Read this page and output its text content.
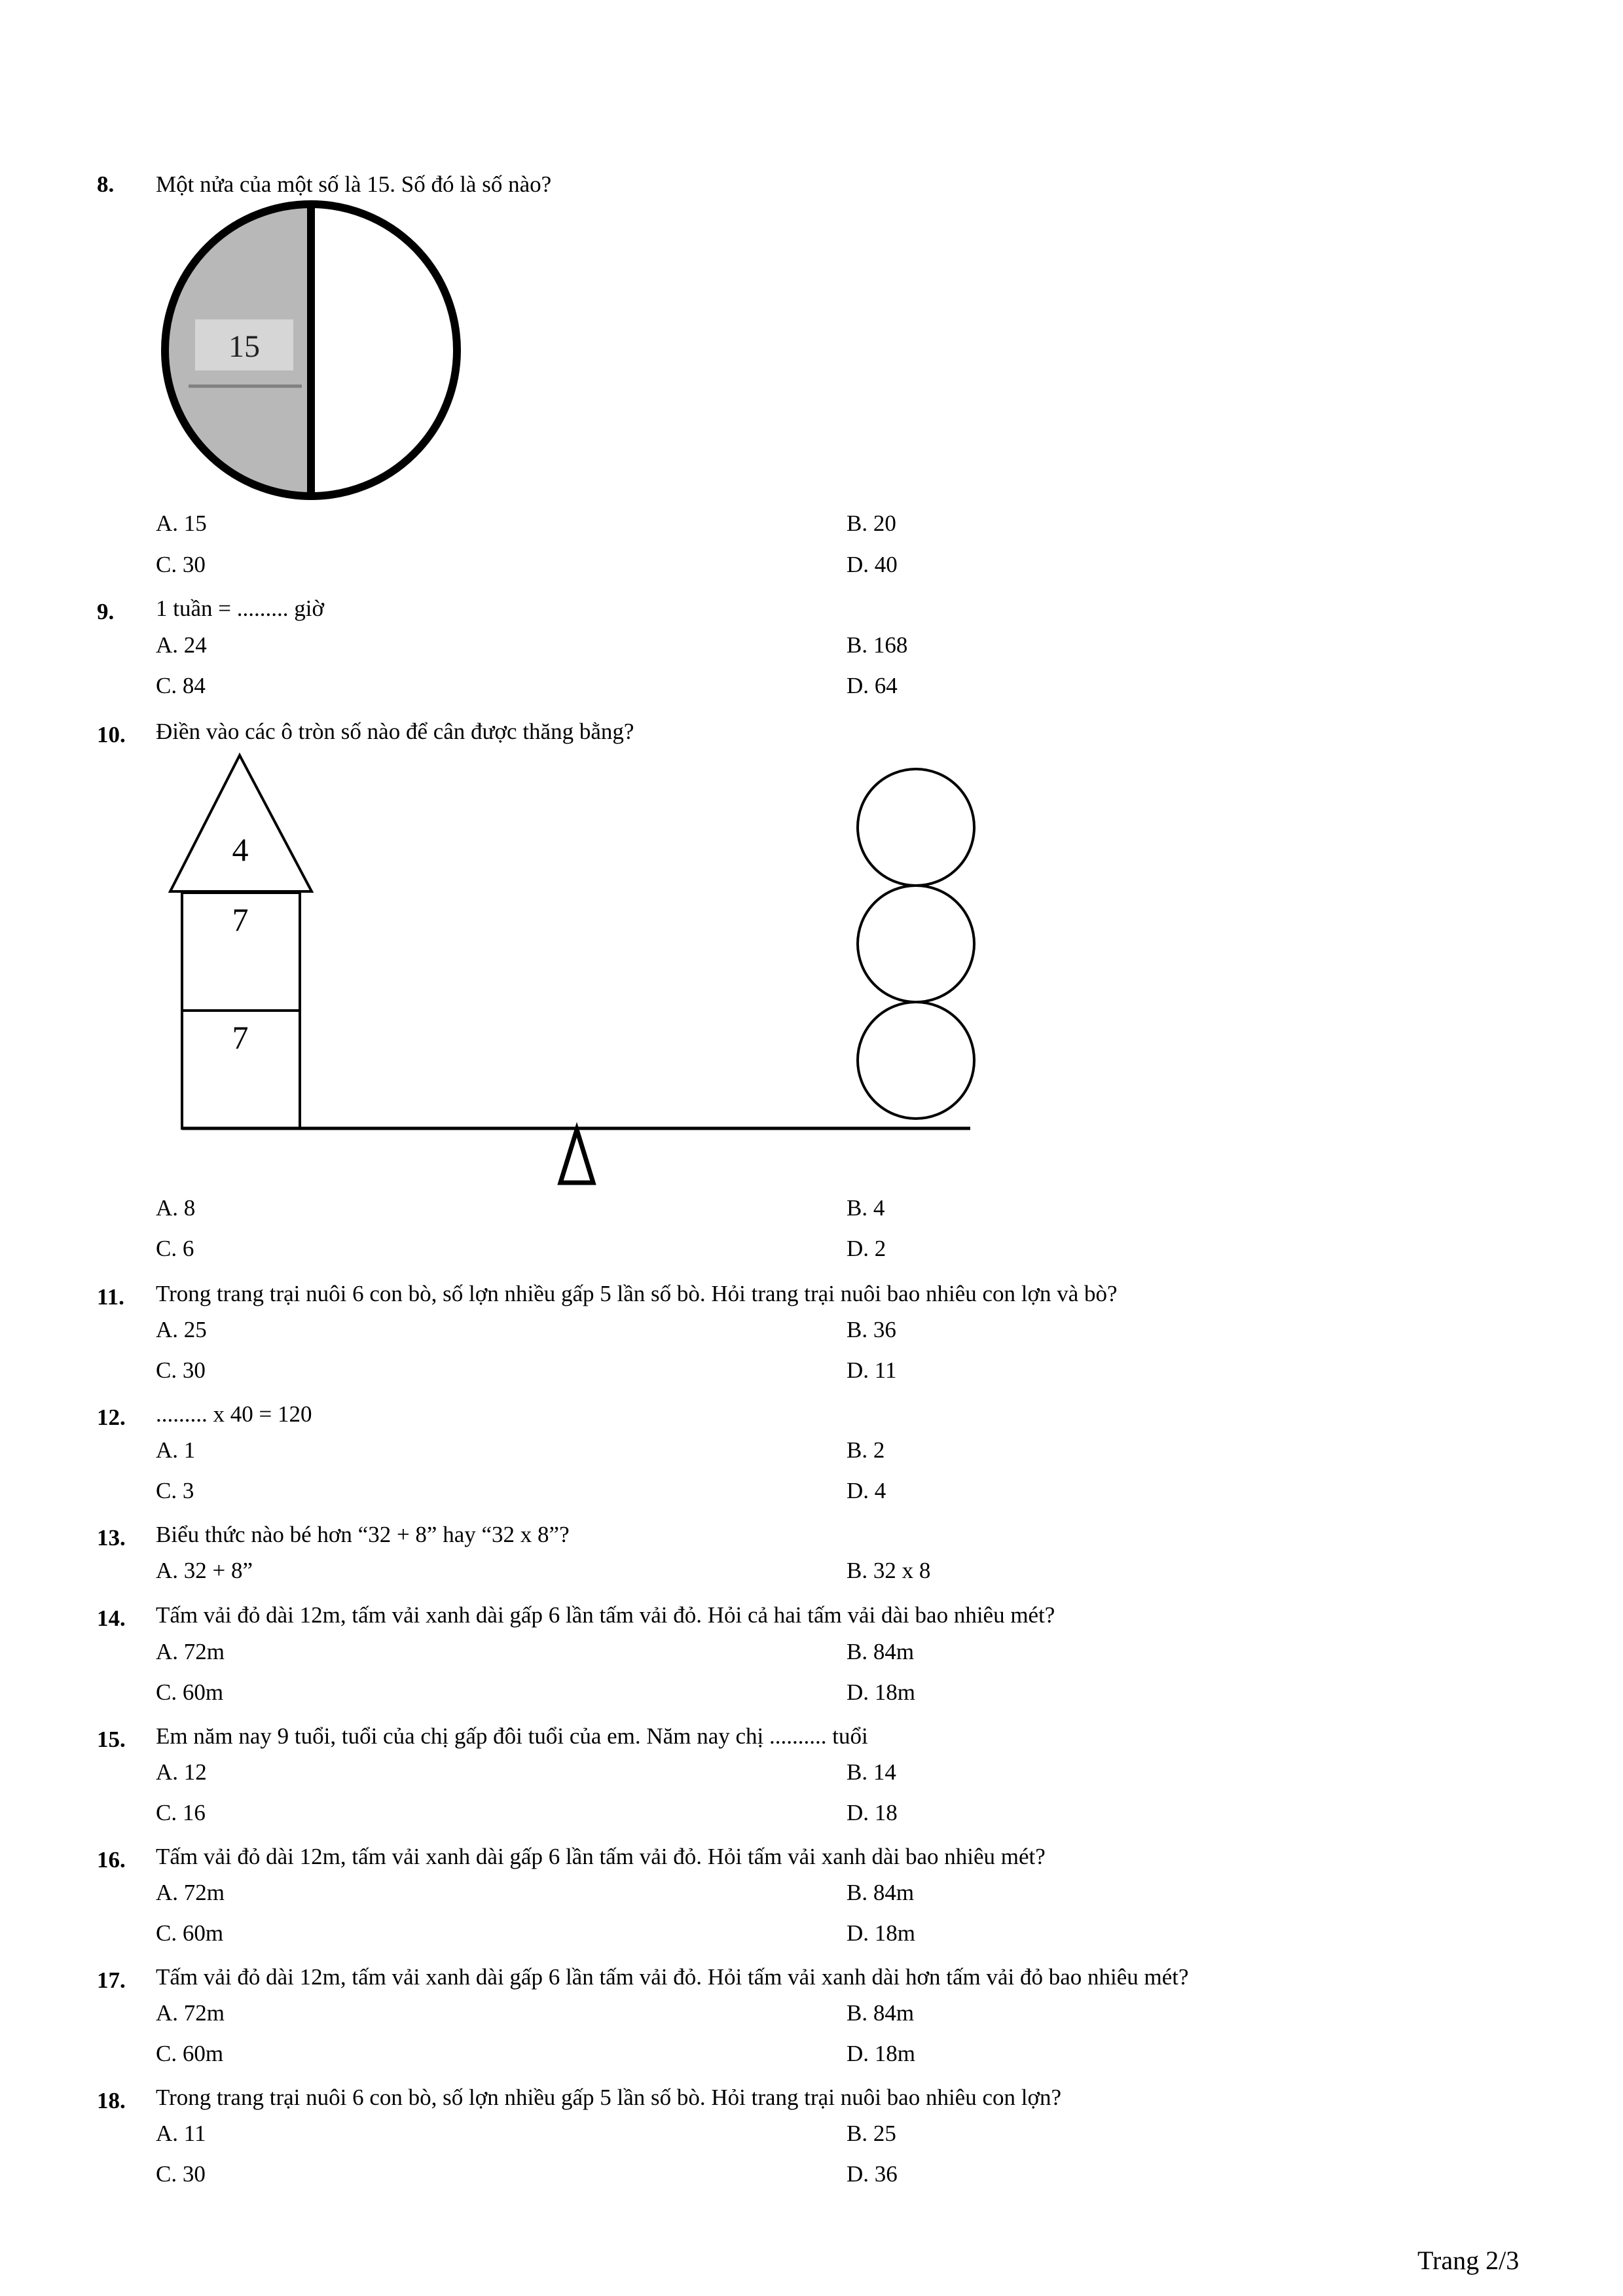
8.	Một nửa của một số là 15. Số đó là số nào?
15
A. 15	B. 20
C. 30	D. 40
9.	1 tuần = ......... giờ
A. 24	B. 168
C. 84	D. 64
10.	Điền vào các ô tròn số nào để cân được thăng bằng?
4
7
7
A. 8	B. 4
C. 6	D. 2
11.	Trong trang trại nuôi 6 con bò, số lợn nhiều gấp 5 lần số bò. Hỏi trang trại nuôi bao nhiêu con lợn và bò?
A. 25	B. 36
C. 30	D. 11
12.	......... x 40 = 120
A. 1	B. 2
C. 3	D. 4
13.	Biểu thức nào bé hơn “32 + 8” hay “32 x 8”?
A. 32 + 8”	B. 32 x 8
14.	Tấm vải đỏ dài 12m, tấm vải xanh dài gấp 6 lần tấm vải đỏ. Hỏi cả hai tấm vải dài bao nhiêu mét?
A. 72m	B. 84m
C. 60m	D. 18m
15.	Em năm nay 9 tuổi, tuổi của chị gấp đôi tuổi của em. Năm nay chị .......... tuổi
A. 12	B. 14
C. 16	D. 18
16.	Tấm vải đỏ dài 12m, tấm vải xanh dài gấp 6 lần tấm vải đỏ. Hỏi tấm vải xanh dài bao nhiêu mét?
A. 72m	B. 84m
C. 60m	D. 18m
17.	Tấm vải đỏ dài 12m, tấm vải xanh dài gấp 6 lần tấm vải đỏ. Hỏi tấm vải xanh dài hơn tấm vải đỏ bao nhiêu mét?
A. 72m	B. 84m
C. 60m	D. 18m
18.	Trong trang trại nuôi 6 con bò, số lợn nhiều gấp 5 lần số bò. Hỏi trang trại nuôi bao nhiêu con lợn?
A. 11	B. 25
C. 30	D. 36
Trang 2/3
